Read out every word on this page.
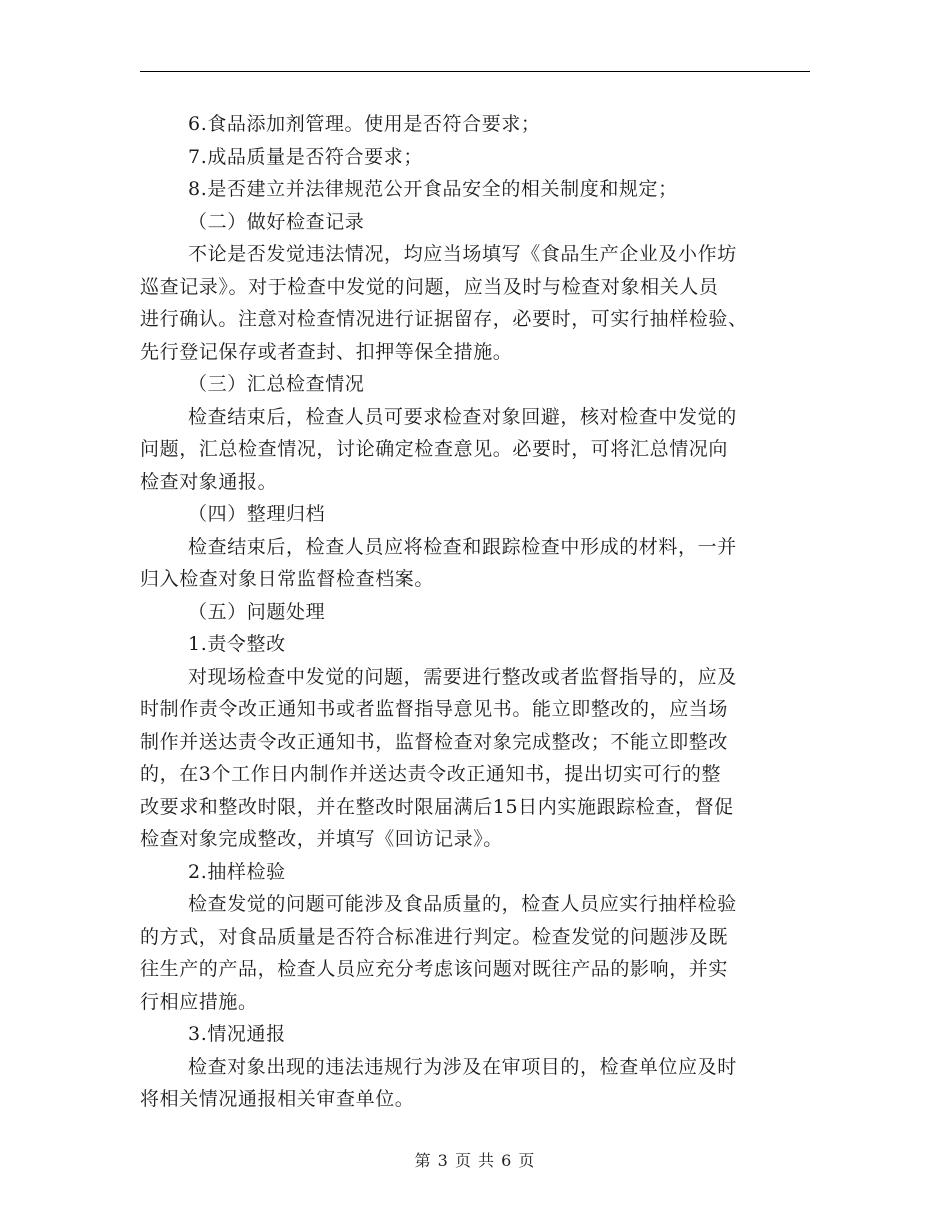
6.食品添加剂管理。使用是否符合要求；
7.成品质量是否符合要求；
8.是否建立并法律规范公开食品安全的相关制度和规定；
（二）做好检查记录
不论是否发觉违法情况，均应当场填写《食品生产企业及小作坊
巡查记录》。对于检查中发觉的问题，应当及时与检查对象相关人员
进行确认。注意对检查情况进行证据留存，必要时，可实行抽样检验、
先行登记保存或者查封、扣押等保全措施。
（三）汇总检查情况
检查结束后，检查人员可要求检查对象回避，核对检查中发觉的
问题，汇总检查情况，讨论确定检查意见。必要时，可将汇总情况向
检查对象通报。
（四）整理归档
检查结束后，检查人员应将检查和跟踪检查中形成的材料，一并
归入检查对象日常监督检查档案。
（五）问题处理
1.责令整改
对现场检查中发觉的问题，需要进行整改或者监督指导的，应及
时制作责令改正通知书或者监督指导意见书。能立即整改的，应当场
制作并送达责令改正通知书，监督检查对象完成整改；不能立即整改
的，在3个工作日内制作并送达责令改正通知书，提出切实可行的整
改要求和整改时限，并在整改时限届满后15日内实施跟踪检查，督促
检查对象完成整改，并填写《回访记录》。
2.抽样检验
检查发觉的问题可能涉及食品质量的，检查人员应实行抽样检验
的方式，对食品质量是否符合标准进行判定。检查发觉的问题涉及既
往生产的产品，检查人员应充分考虑该问题对既往产品的影响，并实
行相应措施。
3.情况通报
检查对象出现的违法违规行为涉及在审项目的，检查单位应及时
将相关情况通报相关审查单位。
第 3 页 共 6 页
